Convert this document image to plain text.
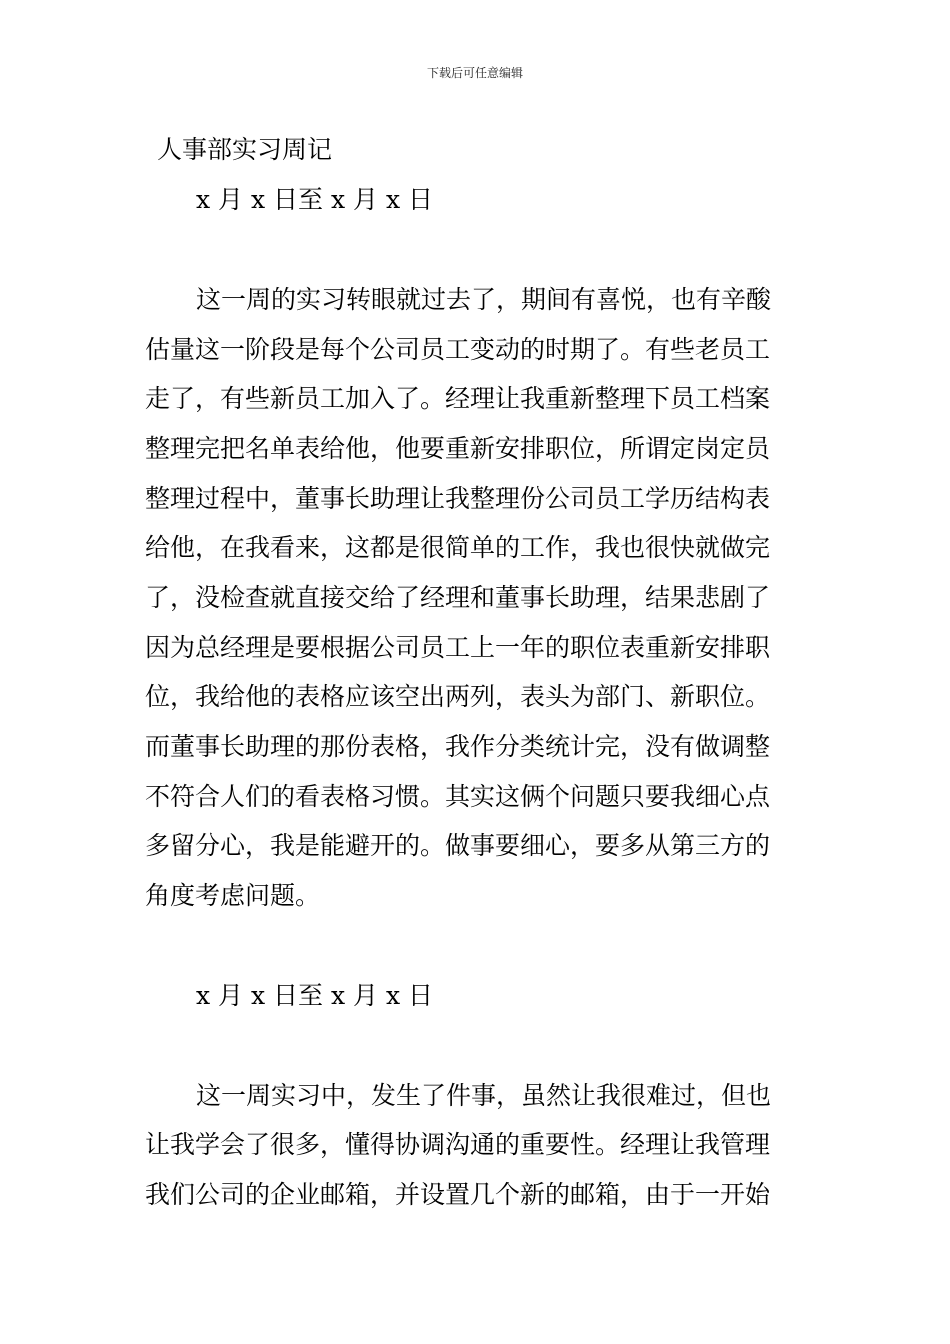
下载后可任意编辑
人事部实习周记
x 月 x 日至 x 月 x 日
这一周的实习转眼就过去了，期间有喜悦，也有辛酸
估量这一阶段是每个公司员工变动的时期了。有些老员工
走了，有些新员工加入了。经理让我重新整理下员工档案
整理完把名单表给他，他要重新安排职位，所谓定岗定员
整理过程中，董事长助理让我整理份公司员工学历结构表
给他，在我看来，这都是很简单的工作，我也很快就做完
了，没检查就直接交给了经理和董事长助理，结果悲剧了
因为总经理是要根据公司员工上一年的职位表重新安排职
位，我给他的表格应该空出两列，表头为部门、新职位。
而董事长助理的那份表格，我作分类统计完，没有做调整
不符合人们的看表格习惯。其实这俩个问题只要我细心点
多留分心，我是能避开的。做事要细心，要多从第三方的
角度考虑问题。
x 月 x 日至 x 月 x 日
这一周实习中，发生了件事，虽然让我很难过，但也
让我学会了很多，懂得协调沟通的重要性。经理让我管理
我们公司的企业邮箱，并设置几个新的邮箱，由于一开始
